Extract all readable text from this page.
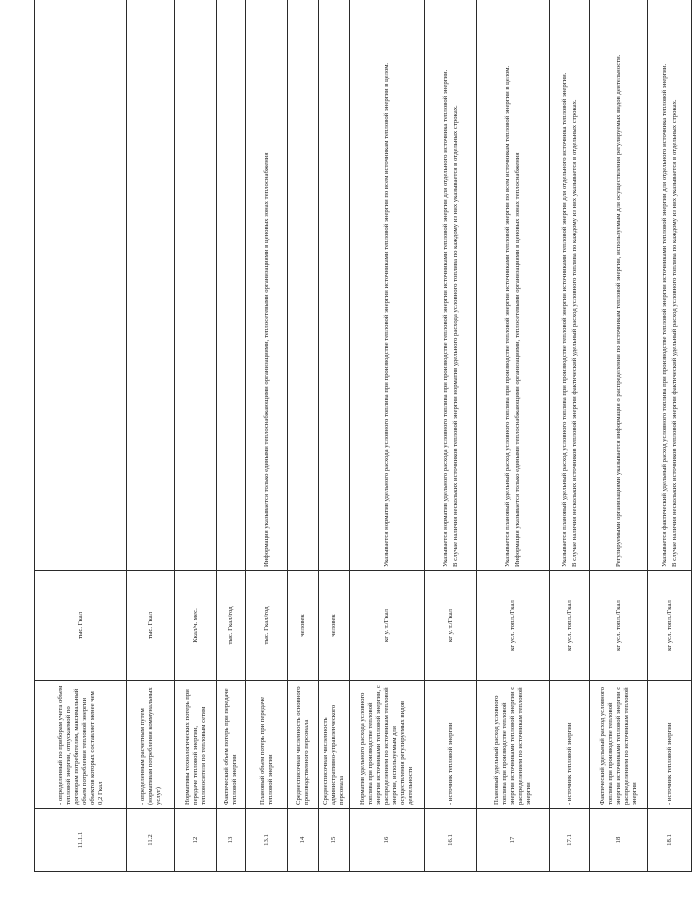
11.1.1	- определенный по приборам учета объем тепловой энергии, отпускаемой по договорам потребителям, максимальный объем потребления тепловой энергии объектов которых составляет менее чем 0,2 Гкал	тыс. Гкал	
11.2	- определенным расчетным путем (нормативам потребления коммунальных услуг)	тыс. Гкал	
12	Нормативы технологических потерь при передаче тепловой энергии, теплоносителя по тепловым сетям	Ккал/ч. мес.	
13	Фактический объем потерь при передаче тепловой энергии	тыс. Гкал/год	
13.1	Плановый объем потерь при передаче тепловой энергии	тыс. Гкал/год	Информация указывается только едиными теплоснабжающими организациями, теплосетевыми организациями в ценовых зонах теплоснабжения

14	Среднесписочная численность основного производственного персонала	человек	
15	Среднесписочная численность административно-управленческого персонала	человек	
16	Норматив удельного расхода условного топлива при производстве тепловой энергии источниками тепловой энергии, с распределением по источникам тепловой энергии, используемым для осуществления регулируемых видов деятельности	кг у. т./Гкал	Указывается норматив удельного расхода условного топлива при производстве тепловой энергии источниками тепловой энергии по всем источникам тепловой энергии в целом.

16.1	- источник тепловой энергии	кг у. т./Гкал	Указывается норматив удельного расхода условного топлива при производстве тепловой энергии источниками тепловой энергии для отдельного источника тепловой энергии. В случае наличия нескольких источников тепловой энергии норматив удельного расхода условного топлива по каждому из них указывается в отдельных строках.

17	Плановый удельный расход условного топлива при производстве тепловой энергии источниками тепловой энергии с распределением по источникам тепловой энергии	кг усл. топл./Гкал	Указывается плановый удельный расход условного топлива при производстве тепловой энергии источниками тепловой энергии по всем источникам тепловой энергии в целом. Информация указывается только едиными теплоснабжающими организациями, теплосетевыми организациями в ценовых зонах теплоснабжения

17.1	- источник тепловой энергии	кг усл. топл./Гкал	Указывается плановый удельный расход условного топлива при производстве тепловой энергии источниками тепловой энергии для отдельного источника тепловой энергии. В случае наличия нескольких источников тепловой энергии фактический удельный расход условного топлива по каждому из них указывается в отдельных строках.

18	Фактический удельный расход условного топлива при производстве тепловой энергии источниками тепловой энергии с распределением по источникам тепловой энергии	кг усл. топл./Гкал	Регулируемыми организациями указывается информация о распределении по источникам тепловой энергии, используемым для осуществления регулируемых видов деятельности.

18.1	- источник тепловой энергии	кг усл. топл./Гкал	Указывается фактический удельный расход условного топлива при производстве тепловой энергии источниками тепловой энергии для отдельного источника тепловой энергии. В случае наличия нескольких источников тепловой энергии фактический удельный расход условного топлива по каждому из них указывается в отдельных строках.
